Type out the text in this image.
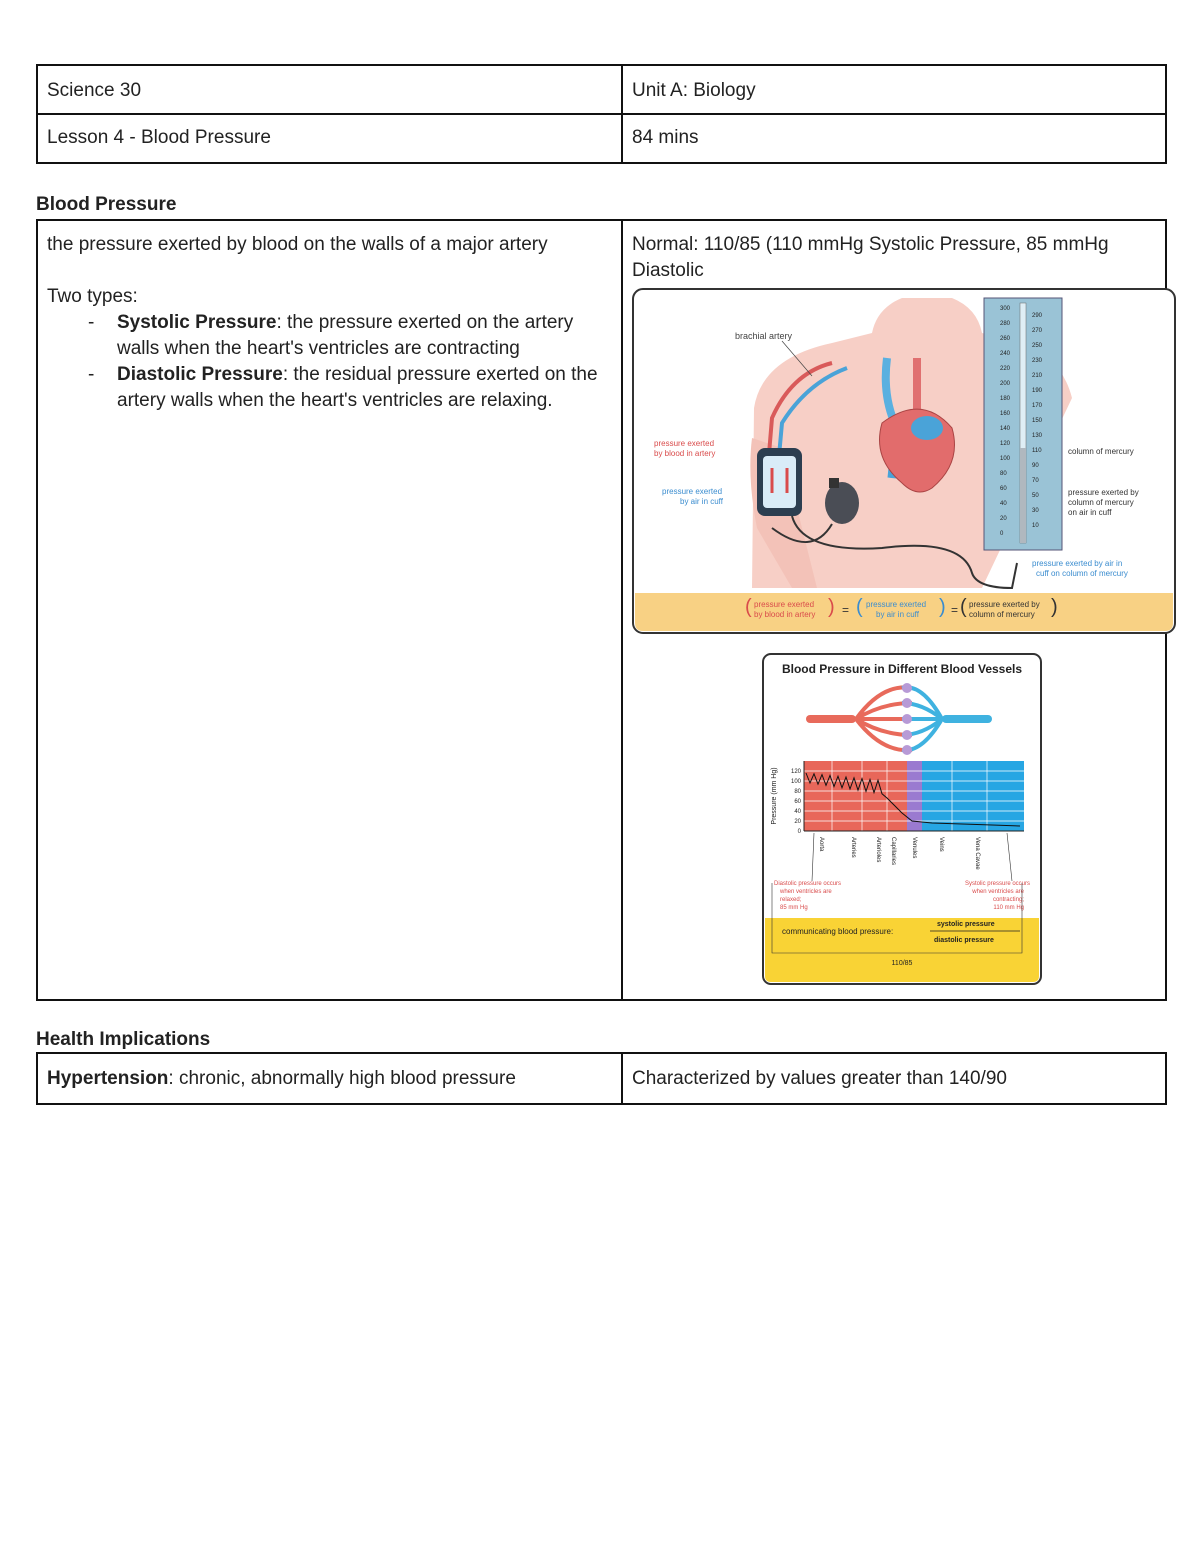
Science 30	Unit A: Biology
Lesson 4 - Blood Pressure	84 mins
Blood Pressure
the pressure exerted by blood on the walls of a major artery
Two types:
- Systolic Pressure: the pressure exerted on the artery walls when the heart's ventricles are contracting
- Diastolic Pressure: the residual pressure exerted on the artery walls when the heart's ventricles are relaxing.

Normal: 110/85 (110 mmHg Systolic Pressure, 85 mmHg Diastolic
300
280
260
240
220
200
180
160
140
120
100
80
60
40
20
0
290
270
250
230
210
190
170
150
130
110
90
70
50
30
10
brachial artery
pressure exerted
by blood in artery
pressure exerted
by air in cuff
column of mercury
pressure exerted by
column of mercury
on air in cuff
pressure exerted by air in
cuff on column of mercury
( pressure exerted
by blood in artery ) = ( pressure exerted
by air in cuff ) = ( pressure exerted by
column of mercury )
Blood Pressure in Different Blood Vessels
120
100
80
60
40
20
0
Pressure (mm Hg)
Aorta	Arteries	Arterioles Capillaries	Venules	Veins	Vena Cavae
Diastolic pressure occurs
when ventricles are
relaxed;
85 mm Hg
Systolic pressure occurs
when ventricles are
contracting;
110 mm Hg
communicating blood pressure:
systolic pressure
diastolic pressure
110/85
Health Implications
Hypertension: chronic, abnormally high blood pressure	Characterized by values greater than 140/90
